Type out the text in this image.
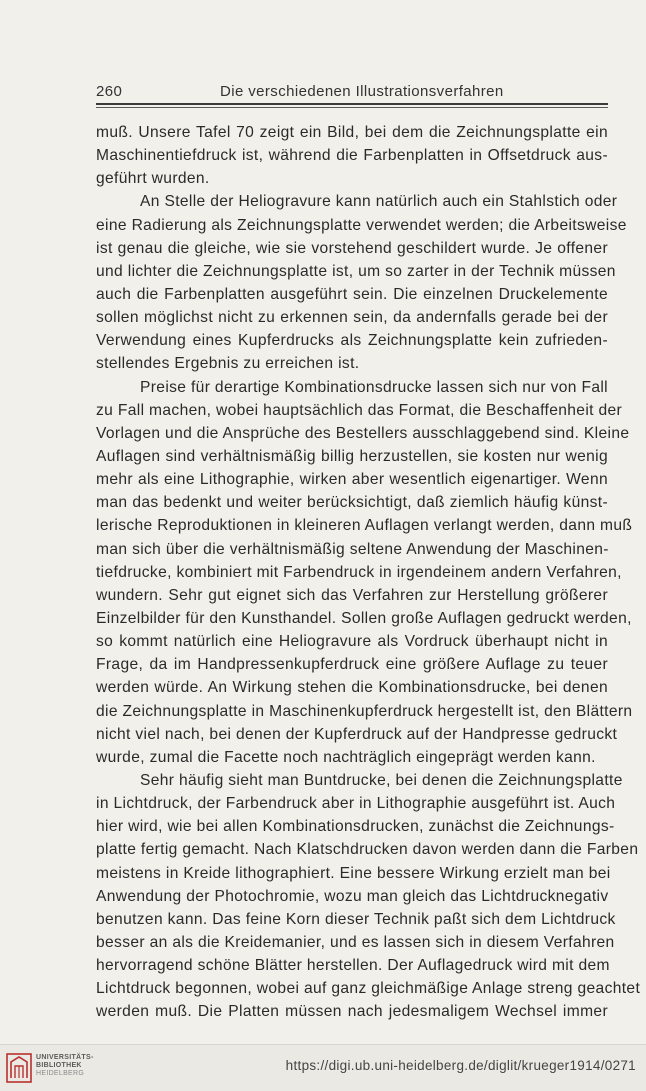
260	Die verschiedenen Illustrationsverfahren
muß. Unsere Tafel 70 zeigt ein Bild, bei dem die Zeichnungsplatte ein
Maschinentiefdruck ist, während die Farbenplatten in Offsetdruck aus-
geführt wurden.
An Stelle der Heliogravure kann natürlich auch ein Stahlstich oder
eine Radierung als Zeichnungsplatte verwendet werden; die Arbeitsweise
ist genau die gleiche, wie sie vorstehend geschildert wurde. Je offener
und lichter die Zeichnungsplatte ist, um so zarter in der Technik müssen
auch die Farbenplatten ausgeführt sein. Die einzelnen Druckelemente
sollen möglichst nicht zu erkennen sein, da andernfalls gerade bei der
Verwendung eines Kupferdrucks als Zeichnungsplatte kein zufrieden-
stellendes Ergebnis zu erreichen ist.
Preise für derartige Kombinationsdrucke lassen sich nur von Fall
zu Fall machen, wobei hauptsächlich das Format, die Beschaffenheit der
Vorlagen und die Ansprüche des Bestellers ausschlaggebend sind. Kleine
Auflagen sind verhältnismäßig billig herzustellen, sie kosten nur wenig
mehr als eine Lithographie, wirken aber wesentlich eigenartiger. Wenn
man das bedenkt und weiter berücksichtigt, daß ziemlich häufig künst-
lerische Reproduktionen in kleineren Auflagen verlangt werden, dann muß
man sich über die verhältnismäßig seltene Anwendung der Maschinen-
tiefdrucke, kombiniert mit Farbendruck in irgendeinem andern Verfahren,
wundern. Sehr gut eignet sich das Verfahren zur Herstellung größerer
Einzelbilder für den Kunsthandel. Sollen große Auflagen gedruckt werden,
so kommt natürlich eine Heliogravure als Vordruck überhaupt nicht in
Frage, da im Handpressenkupferdruck eine größere Auflage zu teuer
werden würde. An Wirkung stehen die Kombinationsdrucke, bei denen
die Zeichnungsplatte in Maschinenkupferdruck hergestellt ist, den Blättern
nicht viel nach, bei denen der Kupferdruck auf der Handpresse gedruckt
wurde, zumal die Facette noch nachträglich eingeprägt werden kann.
Sehr häufig sieht man Buntdrucke, bei denen die Zeichnungsplatte
in Lichtdruck, der Farbendruck aber in Lithographie ausgeführt ist. Auch
hier wird, wie bei allen Kombinationsdrucken, zunächst die Zeichnungs-
platte fertig gemacht. Nach Klatschdrucken davon werden dann die Farben
meistens in Kreide lithographiert. Eine bessere Wirkung erzielt man bei
Anwendung der Photochromie, wozu man gleich das Lichtdrucknegativ
benutzen kann. Das feine Korn dieser Technik paßt sich dem Lichtdruck
besser an als die Kreidemanier, und es lassen sich in diesem Verfahren
hervorragend schöne Blätter herstellen. Der Auflagedruck wird mit dem
Lichtdruck begonnen, wobei auf ganz gleichmäßige Anlage streng geachtet
werden muß. Die Platten müssen nach jedesmaligem Wechsel immer
UNIVERSITÄTS-
BIBLIOTHEK
HEIDELBERG
https://digi.ub.uni-heidelberg.de/diglit/krueger1914/0271
